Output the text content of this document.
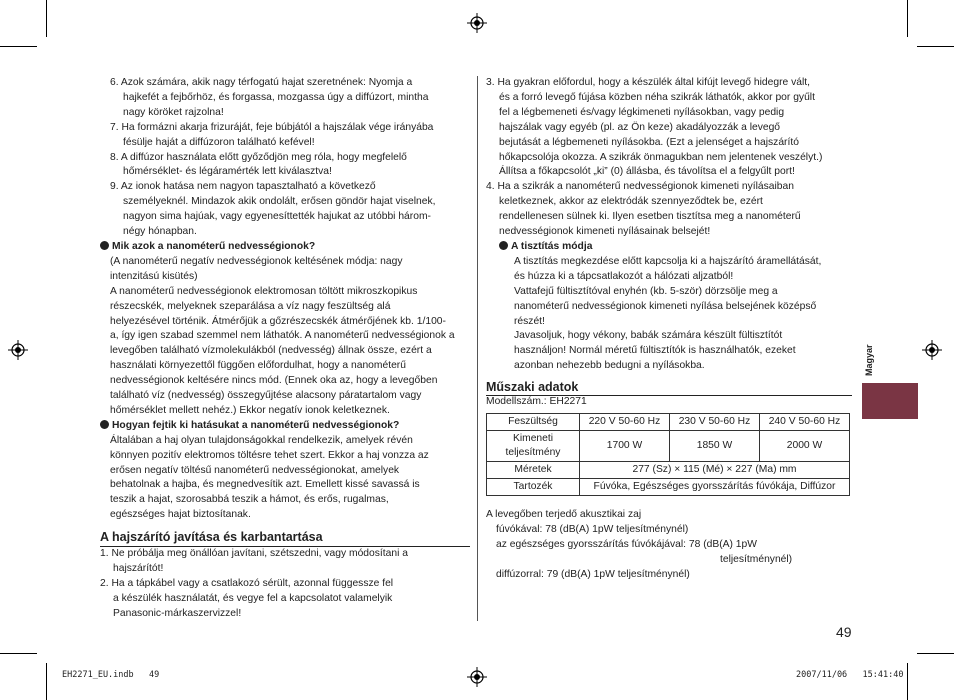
6. Azok számára, akik nagy térfogatú hajat szeretnének: Nyomja a
hajkefét a fejbőrhöz, és forgassa, mozgassa úgy a diffúzort, mintha
nagy köröket rajzolna!
7. Ha formázni akarja frizuráját, feje búbjától a hajszálak vége irányába
fésülje haját a diffúzoron található kefével!
8. A diffúzor használata előtt győződjön meg róla, hogy megfelelő
hőmérséklet- és légáramérték lett kiválasztva!
9. Az ionok hatása nem nagyon tapasztalható a következő
személyeknél. Mindazok akik ondolált, erősen göndör hajat viselnek,
nagyon sima hajúak, vagy egyenesíttették hajukat az utóbbi három-
négy hónapban.
Mik azok a nanométerű nedvességionok?
(A nanométerű negatív nedvességionok keltésének módja: nagy
intenzitású kisütés)
A nanométerű nedvességionok elektromosan töltött mikroszkopikus
részecskék, melyeknek szeparálása a víz nagy feszültség alá
helyezésével történik. Átmérőjük a gőzrészecskék átmérőjének kb. 1/100-
a, így igen szabad szemmel nem láthatók. A nanométerű nedvességionok a
levegőben található vízmolekulákból (nedvesség) állnak össze, ezért a
használati környezettől függően előfordulhat, hogy a nanométerű
nedvességionok keltésére nincs mód. (Ennek oka az, hogy a levegőben
található víz (nedvesség) összegyűjtése alacsony páratartalom vagy
hőmérséklet mellett nehéz.) Ekkor negatív ionok keletkeznek.
Hogyan fejtik ki hatásukat a nanométerű nedvességionok?
Általában a haj olyan tulajdonságokkal rendelkezik, amelyek révén
könnyen pozitív elektromos töltésre tehet szert. Ekkor a haj vonzza az
erősen negatív töltésű nanométerű nedvességionokat, amelyek
behatolnak a hajba, és megnedvesítik azt. Emellett kissé savassá is
teszik a hajat, szorosabbá teszik a hámot, és erős, rugalmas,
egészséges hajat biztosítanak.
A hajszárító javítása és karbantartása
1. Ne próbálja meg önállóan javítani, szétszedni, vagy módosítani a
hajszárítót!
2. Ha a tápkábel vagy a csatlakozó sérült, azonnal függessze fel
a készülék használatát, és vegye fel a kapcsolatot valamelyik
Panasonic-márkaszervizzel!
3. Ha gyakran előfordul, hogy a készülék által kifújt levegő hidegre vált,
és a forró levegő fújása közben néha szikrák láthatók, akkor por gyűlt
fel a légbemeneti és/vagy légkimeneti nyílásokban, vagy pedig
hajszálak vagy egyéb (pl. az Ön keze) akadályozzák a levegő
bejutását a légbemeneti nyílásokba. (Ezt a jelenséget a hajszárító
hőkapcsolója okozza. A szikrák önmagukban nem jelentenek veszélyt.)
Állítsa a főkapcsolót „ki” (0) állásba, és távolítsa el a felgyűlt port!
4. Ha a szikrák a nanométerű nedvességionok kimeneti nyílásaiban
keletkeznek, akkor az elektródák szennyeződtek be, ezért
rendellenesen sülnek ki. Ilyen esetben tisztítsa meg a nanométerű
nedvességionok kimeneti nyílásainak belsejét!
A tisztítás módja
A tisztítás megkezdése előtt kapcsolja ki a hajszárító áramellátását,
és húzza ki a tápcsatlakozót a hálózati aljzatból!
Vattafejű fültisztítóval enyhén (kb. 5-ször) dörzsölje meg a
nanométerű nedvességionok kimeneti nyílása belsejének középső
részét!
Javasoljuk, hogy vékony, babák számára készült fültisztítót
használjon! Normál méretű fültisztítók is használhatók, ezeket
azonban nehezebb bedugni a nyílásokba.
Műszaki adatok
Modellszám.: EH2271
Feszültség	220 V 50-60 Hz	230 V 50-60 Hz	240 V 50-60 Hz

Kimeneti
teljesítmény	1700 W	1850 W	2000 W
Méretek	277 (Sz) × 115 (Mé) × 227 (Ma) mm		
Tartozék	Fúvóka, Egészséges gyorsszárítás fúvókája, Diffúzor		
A levegőben terjedő akusztikai zaj
fúvókával: 78 (dB(A) 1pW teljesítménynél)
az egészséges gyorsszárítás fúvókájával: 78 (dB(A) 1pW
teljesítménynél)
diffúzorral: 79 (dB(A) 1pW teljesítménynél)
Magyar
49
EH2271_EU.indb   49	2007/11/06   15:41:40
